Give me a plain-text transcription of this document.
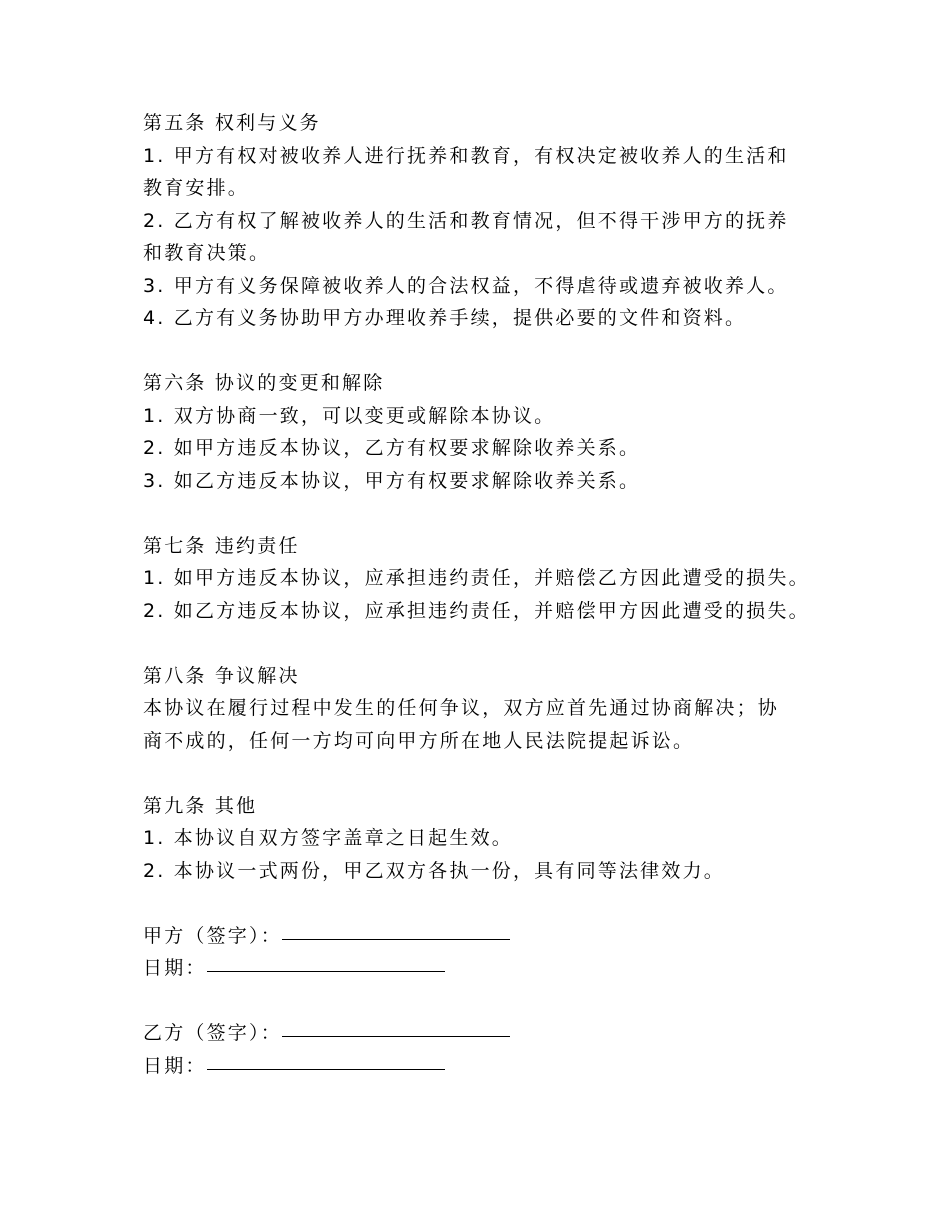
第五条 权利与义务
1. 甲方有权对被收养人进行抚养和教育，有权决定被收养人的生活和
教育安排。
2. 乙方有权了解被收养人的生活和教育情况，但不得干涉甲方的抚养
和教育决策。
3. 甲方有义务保障被收养人的合法权益，不得虐待或遗弃被收养人。
4. 乙方有义务协助甲方办理收养手续，提供必要的文件和资料。
第六条 协议的变更和解除
1. 双方协商一致，可以变更或解除本协议。
2. 如甲方违反本协议，乙方有权要求解除收养关系。
3. 如乙方违反本协议，甲方有权要求解除收养关系。
第七条 违约责任
1. 如甲方违反本协议，应承担违约责任，并赔偿乙方因此遭受的损失。
2. 如乙方违反本协议，应承担违约责任，并赔偿甲方因此遭受的损失。
第八条 争议解决
本协议在履行过程中发生的任何争议，双方应首先通过协商解决；协
商不成的，任何一方均可向甲方所在地人民法院提起诉讼。
第九条 其他
1. 本协议自双方签字盖章之日起生效。
2. 本协议一式两份，甲乙双方各执一份，具有同等法律效力。
甲方（签字）：
日期：
乙方（签字）：
日期：
